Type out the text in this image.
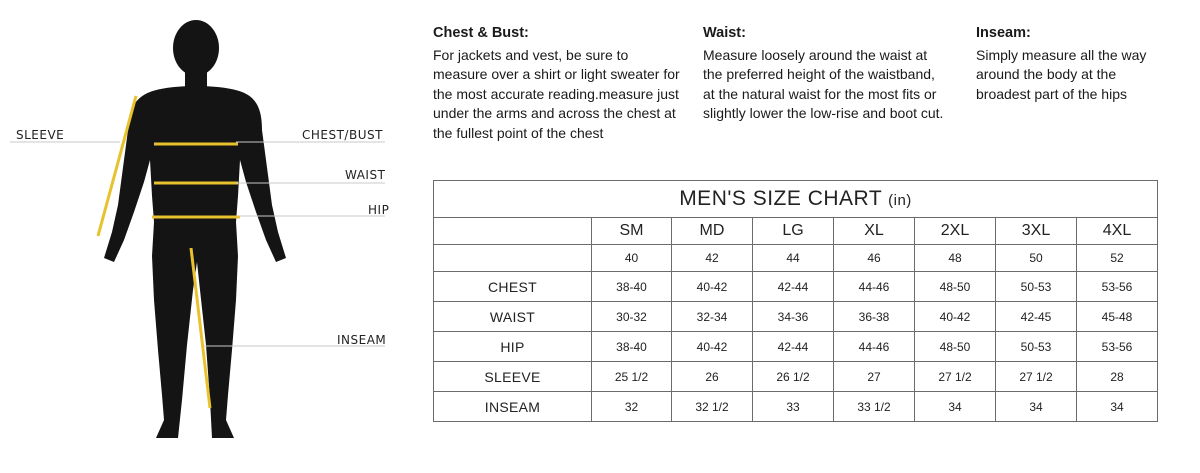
SLEEVE	CHEST/BUST
WAIST
HIP
INSEAM
Chest & Bust:

For jackets and vest, be sure to measure over a shirt or light sweater for the most accurate reading.measure just under the arms and across the chest at the fullest point of the chest

Waist:

Measure loosely around the waist at the preferred height of the waistband, at the natural waist for the most fits or slightly lower the low-rise and boot cut.

Inseam:

Simply measure all the way around the body at the broadest part of the hips

MEN'S SIZE CHART (in)							
	SM	MD	LG	XL	2XL	3XL	4XL
	40	42	44	46	48	50	52
CHEST	38-40	40-42	42-44	44-46	48-50	50-53	53-56
WAIST	30-32	32-34	34-36	36-38	40-42	42-45	45-48
HIP	38-40	40-42	42-44	44-46	48-50	50-53	53-56
SLEEVE	25 1/2	26	26 1/2	27	27 1/2	27 1/2	28
INSEAM	32	32 1/2	33	33 1/2	34	34	34
